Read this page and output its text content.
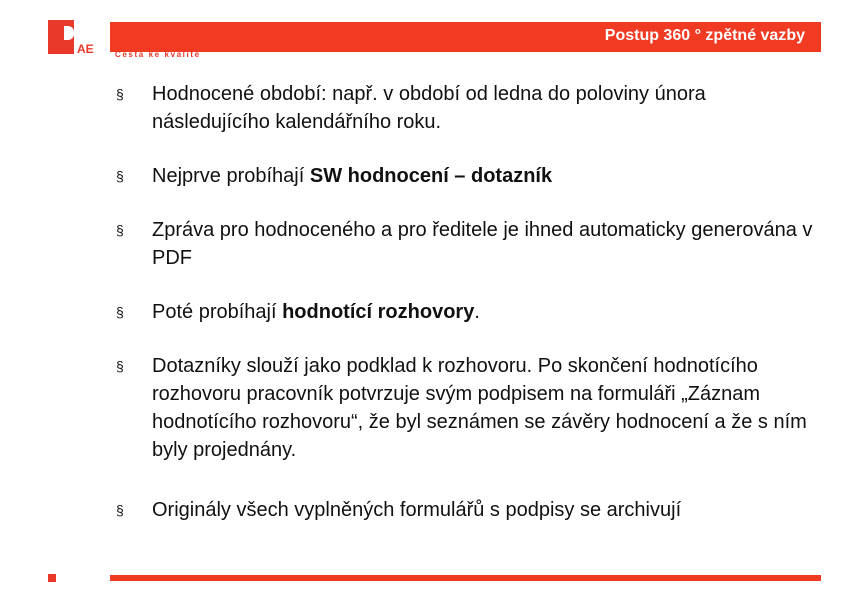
AE
Postup 360 ° zpětné vazby
Cesta ke kvalitě
§ Hodnocené období: např. v období od ledna do poloviny února následujícího kalendářního roku.
§ Nejprve probíhají SW hodnocení – dotazník
§ Zpráva pro hodnoceného a pro ředitele je ihned automaticky generována v PDF
§ Poté probíhají hodnotící rozhovory.
§ Dotazníky slouží jako podklad k rozhovoru. Po skončení hodnotícího rozhovoru pracovník potvrzuje svým podpisem na formuláři „Záznam hodnotícího rozhovoru“, že byl seznámen se závěry hodnocení a že s ním byly projednány.
§ Originály všech vyplněných formulářů s podpisy se archivují
